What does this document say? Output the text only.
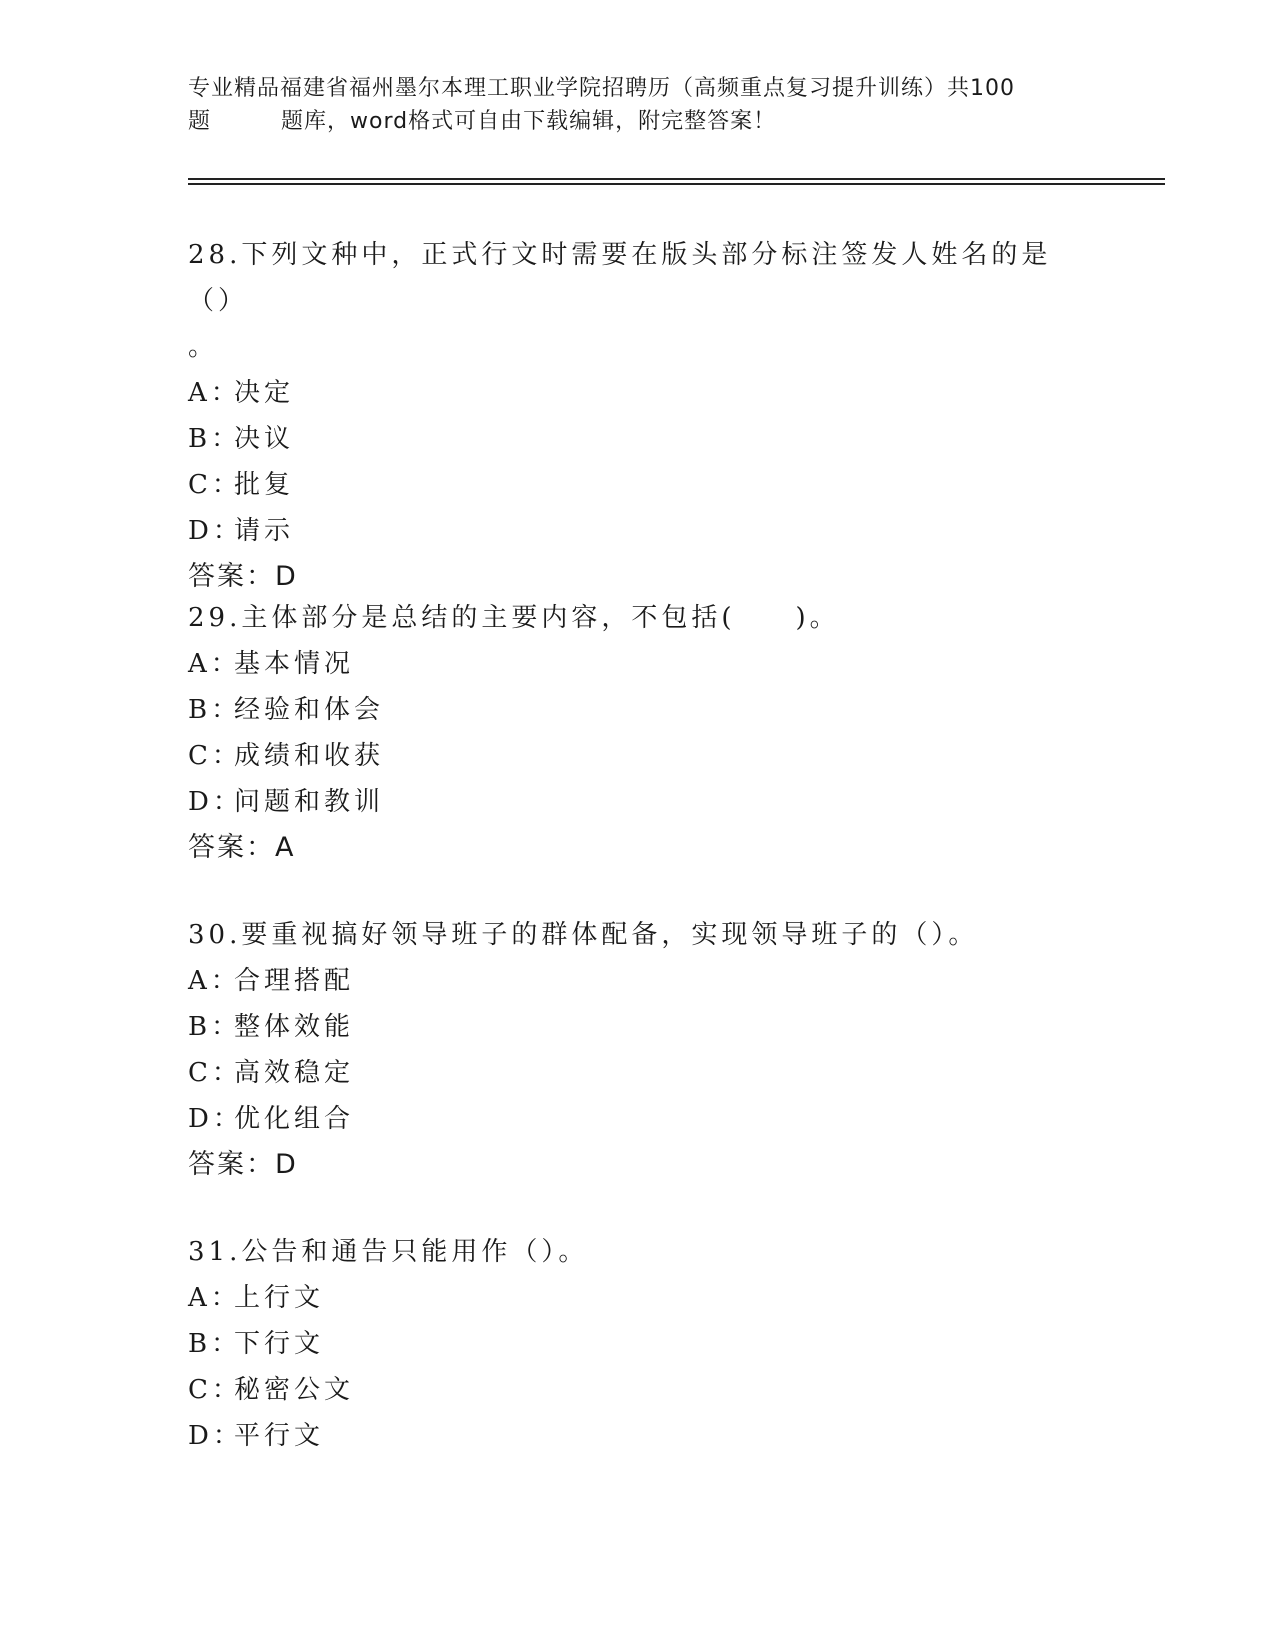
专业精品福建省福州墨尔本理工职业学院招聘历（高频重点复习提升训练）共100
题	题库，word格式可自由下载编辑，附完整答案！
28.下列文种中，正式行文时需要在版头部分标注签发人姓名的是（）
。
A：决定
B：决议
C：批复
D：请示
答案：D
29.主体部分是总结的主要内容，不包括(　　)。
A：基本情况
B：经验和体会
C：成绩和收获
D：问题和教训
答案：A
30.要重视搞好领导班子的群体配备，实现领导班子的（）。
A：合理搭配
B：整体效能
C：高效稳定
D：优化组合
答案：D
31.公告和通告只能用作（）。
A：上行文
B：下行文
C：秘密公文
D：平行文
